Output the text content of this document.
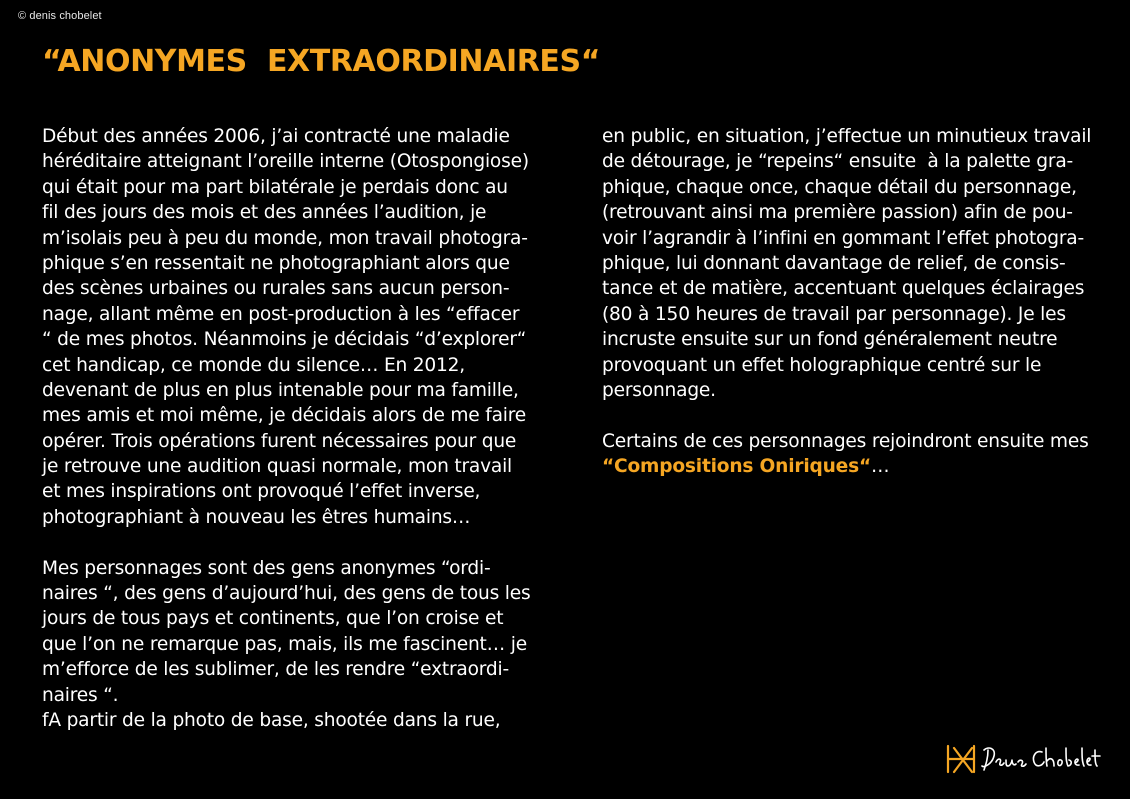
© denis chobelet
“ANONYMES  EXTRAORDINAIRES“
Début des années 2006, j’ai contracté une maladie
héréditaire atteignant l’oreille interne (Otospongiose)
qui était pour ma part bilatérale je perdais donc au
fil des jours des mois et des années l’audition, je
m’isolais peu à peu du monde, mon travail photogra-
phique s’en ressentait ne photographiant alors que
des scènes urbaines ou rurales sans aucun person-
nage, allant même en post-production à les “effacer
“ de mes photos. Néanmoins je décidais “d’explorer“
cet handicap, ce monde du silence… En 2012,
devenant de plus en plus intenable pour ma famille,
mes amis et moi même, je décidais alors de me faire
opérer. Trois opérations furent nécessaires pour que
je retrouve une audition quasi normale, mon travail
et mes inspirations ont provoqué l’effet inverse,
photographiant à nouveau les êtres humains…
Mes personnages sont des gens anonymes “ordi-
naires “, des gens d’aujourd’hui, des gens de tous les
jours de tous pays et continents, que l’on croise et
que l’on ne remarque pas, mais, ils me fascinent… je
m’efforce de les sublimer, de les rendre “extraordi-
naires “.
fA partir de la photo de base, shootée dans la rue,
en public, en situation, j’effectue un minutieux travail
de détourage, je “repeins“ ensuite  à la palette gra-
phique, chaque once, chaque détail du personnage,
(retrouvant ainsi ma première passion) afin de pou-
voir l’agrandir à l’infini en gommant l’effet photogra-
phique, lui donnant davantage de relief, de consis-
tance et de matière, accentuant quelques éclairages
(80 à 150 heures de travail par personnage). Je les
incruste ensuite sur un fond généralement neutre
provoquant un effet holographique centré sur le
personnage.
Certains de ces personnages rejoindront ensuite mes
“Compositions Oniriques“…
